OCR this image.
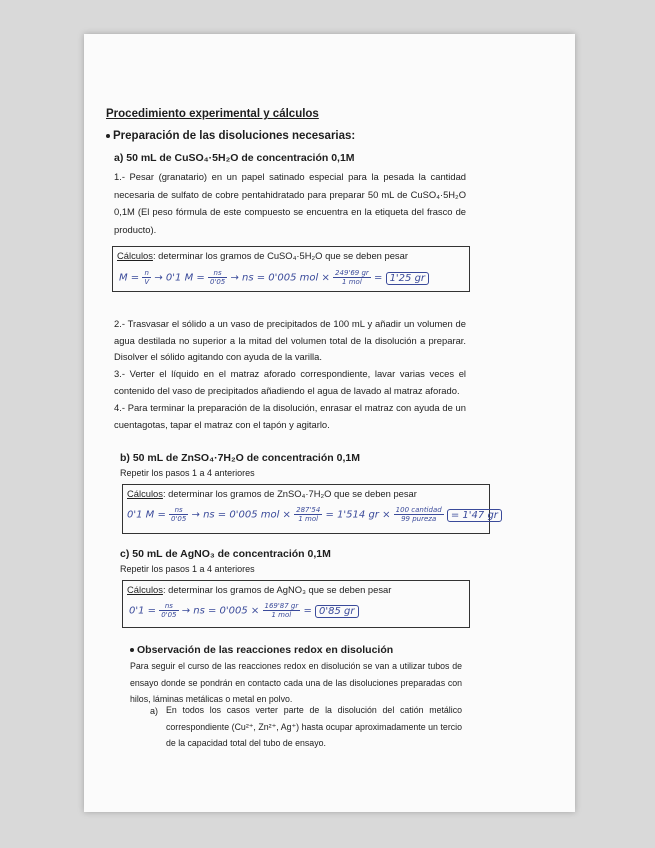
Procedimiento experimental y cálculos
Preparación de las disoluciones necesarias:
a) 50 mL de CuSO₄·5H₂O de concentración 0,1M
1.- Pesar (granatario) en un papel satinado especial para la pesada la cantidad necesaria de sulfato de cobre pentahidratado para preparar 50 mL de CuSO₄·5H₂O 0,1M (El peso fórmula de este compuesto se encuentra en la etiqueta del frasco de producto).
Cálculos: determinar los gramos de CuSO₄·5H₂O que se deben pesar
$M = \frac{n}{V} \to 0'1$ $M = \frac{ns}{0'05}$ → ns = 0'005 mol × $\frac{249'69 gr}{\text{1 mol}} = 1'25$ gr
2.- Trasvasar el sólido a un vaso de precipitados de 100 mL y añadir un volumen de agua destilada no superior a la mitad del volumen total de la disolución a preparar. Disolver el sólido agitando con ayuda de la varilla.
3.- Verter el líquido en el matraz aforado correspondiente, lavar varias veces el contenido del vaso de precipitados añadiendo el agua de lavado al matraz aforado.
4.- Para terminar la preparación de la disolución, enrasar el matraz con ayuda de un cuentagotas, tapar el matraz con el tapón y agitarlo.
b) 50 mL de ZnSO₄·7H₂O de concentración 0,1M
Repetir los pasos 1 a 4 anteriores
Cálculos: determinar los gramos de ZnSO₄·7H₂O que se deben pesar
0'1 $M = \frac{ns}{0'05}$ → ns = 0'005 mol × $\frac{287'54}{\text{1 mol}} = 1'514$ gr × $\frac{\text{100 cantidad}}{\text{99 pureza}} = 1'47$ gr
c) 50 mL de AgNO₃ de concentración 0,1M
Repetir los pasos 1 a 4 anteriores
Cálculos: determinar los gramos de AgNO₃ que se deben pesar
$0'1 = \frac{ns}{0'05}$ → ns = $0'005 \times \frac{169'87 gr}{\text{1 mol}} = 0'85$ gr
Observación de las reacciones redox en disolución
Para seguir el curso de las reacciones redox en disolución se van a utilizar tubos de ensayo donde se pondrán en contacto cada una de las disoluciones preparadas con hilos, láminas metálicas o metal en polvo.
a) En todos los casos verter parte de la disolución del catión metálico correspondiente (Cu²⁺, Zn²⁺, Ag⁺) hasta ocupar aproximadamente un tercio de la capacidad total del tubo de ensayo.
